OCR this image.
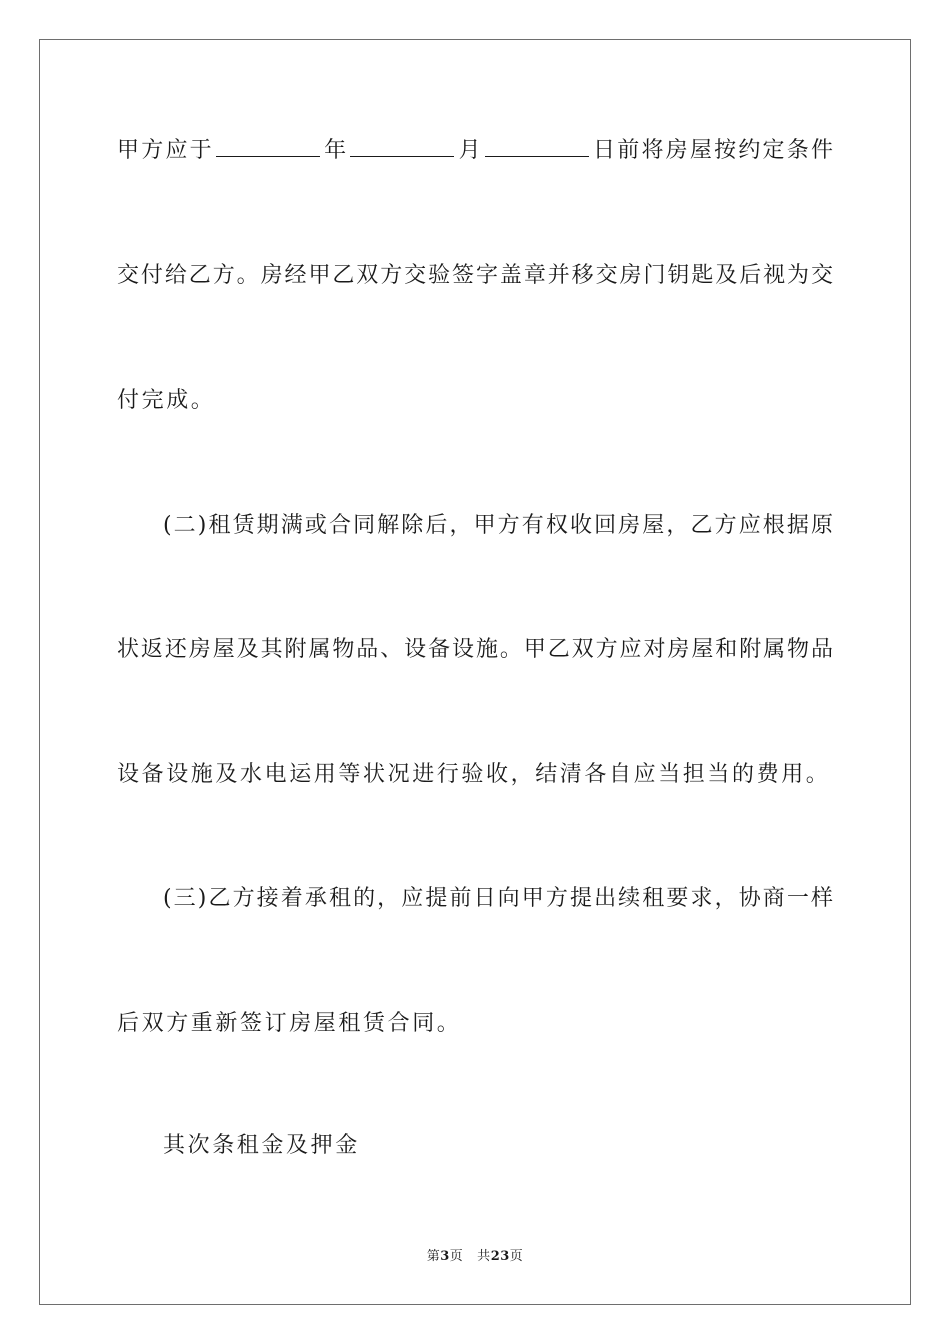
甲方应于	年	月	日前将房屋按约定条件
交付给乙方。房经甲乙双方交验签字盖章并移交房门钥匙及后视为交
付完成。
(二)租赁期满或合同解除后，甲方有权收回房屋，乙方应根据原
状返还房屋及其附属物品、设备设施。甲乙双方应对房屋和附属物品
设备设施及水电运用等状况进行验收，结清各自应当担当的费用。
(三)乙方接着承租的，应提前日向甲方提出续租要求，协商一样
后双方重新签订房屋租赁合同。
其次条租金及押金
第3页 共23页
